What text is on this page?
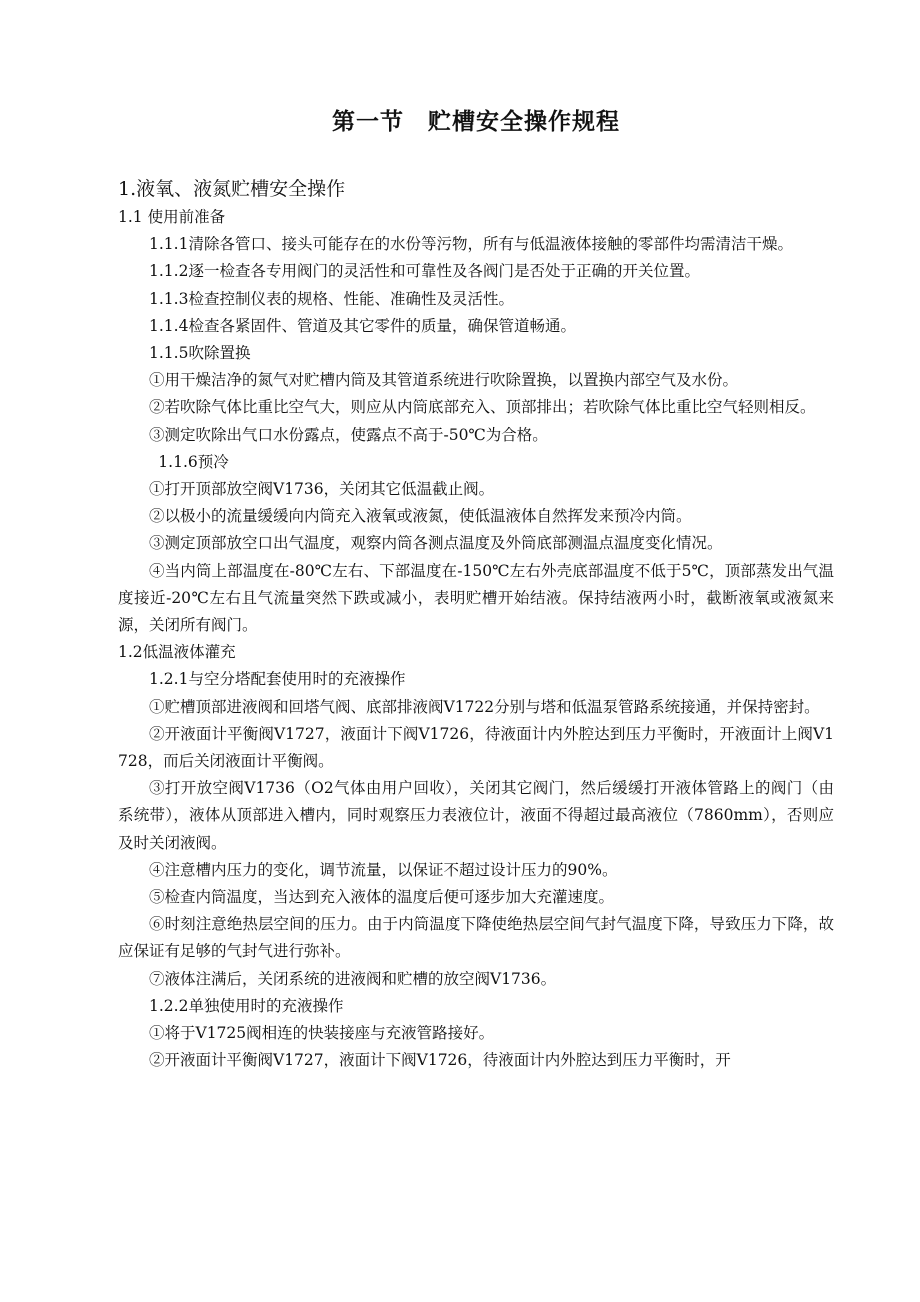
第一节　贮槽安全操作规程
1.液氧、液氮贮槽安全操作
1.1 使用前准备

1.1.1清除各管口、接头可能存在的水份等污物，所有与低温液体接触的零部件均需清洁干燥。

1.1.2逐一检查各专用阀门的灵活性和可靠性及各阀门是否处于正确的开关位置。

1.1.3检查控制仪表的规格、性能、准确性及灵活性。

1.1.4检查各紧固件、管道及其它零件的质量，确保管道畅通。

1.1.5吹除置换

①用干燥洁净的氮气对贮槽内筒及其管道系统进行吹除置换，以置换内部空气及水份。

②若吹除气体比重比空气大，则应从内筒底部充入、顶部排出；若吹除气体比重比空气轻则相反。

③测定吹除出气口水份露点，使露点不高于-50℃为合格。

1.1.6预冷

①打开顶部放空阀V1736，关闭其它低温截止阀。

②以极小的流量缓缓向内筒充入液氧或液氮，使低温液体自然挥发来预冷内筒。

③测定顶部放空口出气温度，观察内筒各测点温度及外筒底部测温点温度变化情况。

④当内筒上部温度在-80℃左右、下部温度在-150℃左右外壳底部温度不低于5℃，顶部蒸发出气温度接近-20℃左右且气流量突然下跌或减小，表明贮槽开始结液。保持结液两小时，截断液氧或液氮来源，关闭所有阀门。

1.2低温液体灌充

1.2.1与空分塔配套使用时的充液操作

①贮槽顶部进液阀和回塔气阀、底部排液阀V1722分别与塔和低温泵管路系统接通，并保持密封。

②开液面计平衡阀V1727，液面计下阀V1726，待液面计内外腔达到压力平衡时，开液面计上阀V1728，而后关闭液面计平衡阀。

③打开放空阀V1736（O2气体由用户回收），关闭其它阀门，然后缓缓打开液体管路上的阀门（由系统带），液体从顶部进入槽内，同时观察压力表液位计，液面不得超过最高液位（7860mm），否则应及时关闭液阀。

④注意槽内压力的变化，调节流量，以保证不超过设计压力的90%。

⑤检查内筒温度，当达到充入液体的温度后便可逐步加大充灌速度。

⑥时刻注意绝热层空间的压力。由于内筒温度下降使绝热层空间气封气温度下降，导致压力下降，故应保证有足够的气封气进行弥补。

⑦液体注满后，关闭系统的进液阀和贮槽的放空阀V1736。

1.2.2单独使用时的充液操作

①将于V1725阀相连的快装接座与充液管路接好。

②开液面计平衡阀V1727，液面计下阀V1726，待液面计内外腔达到压力平衡时，开
